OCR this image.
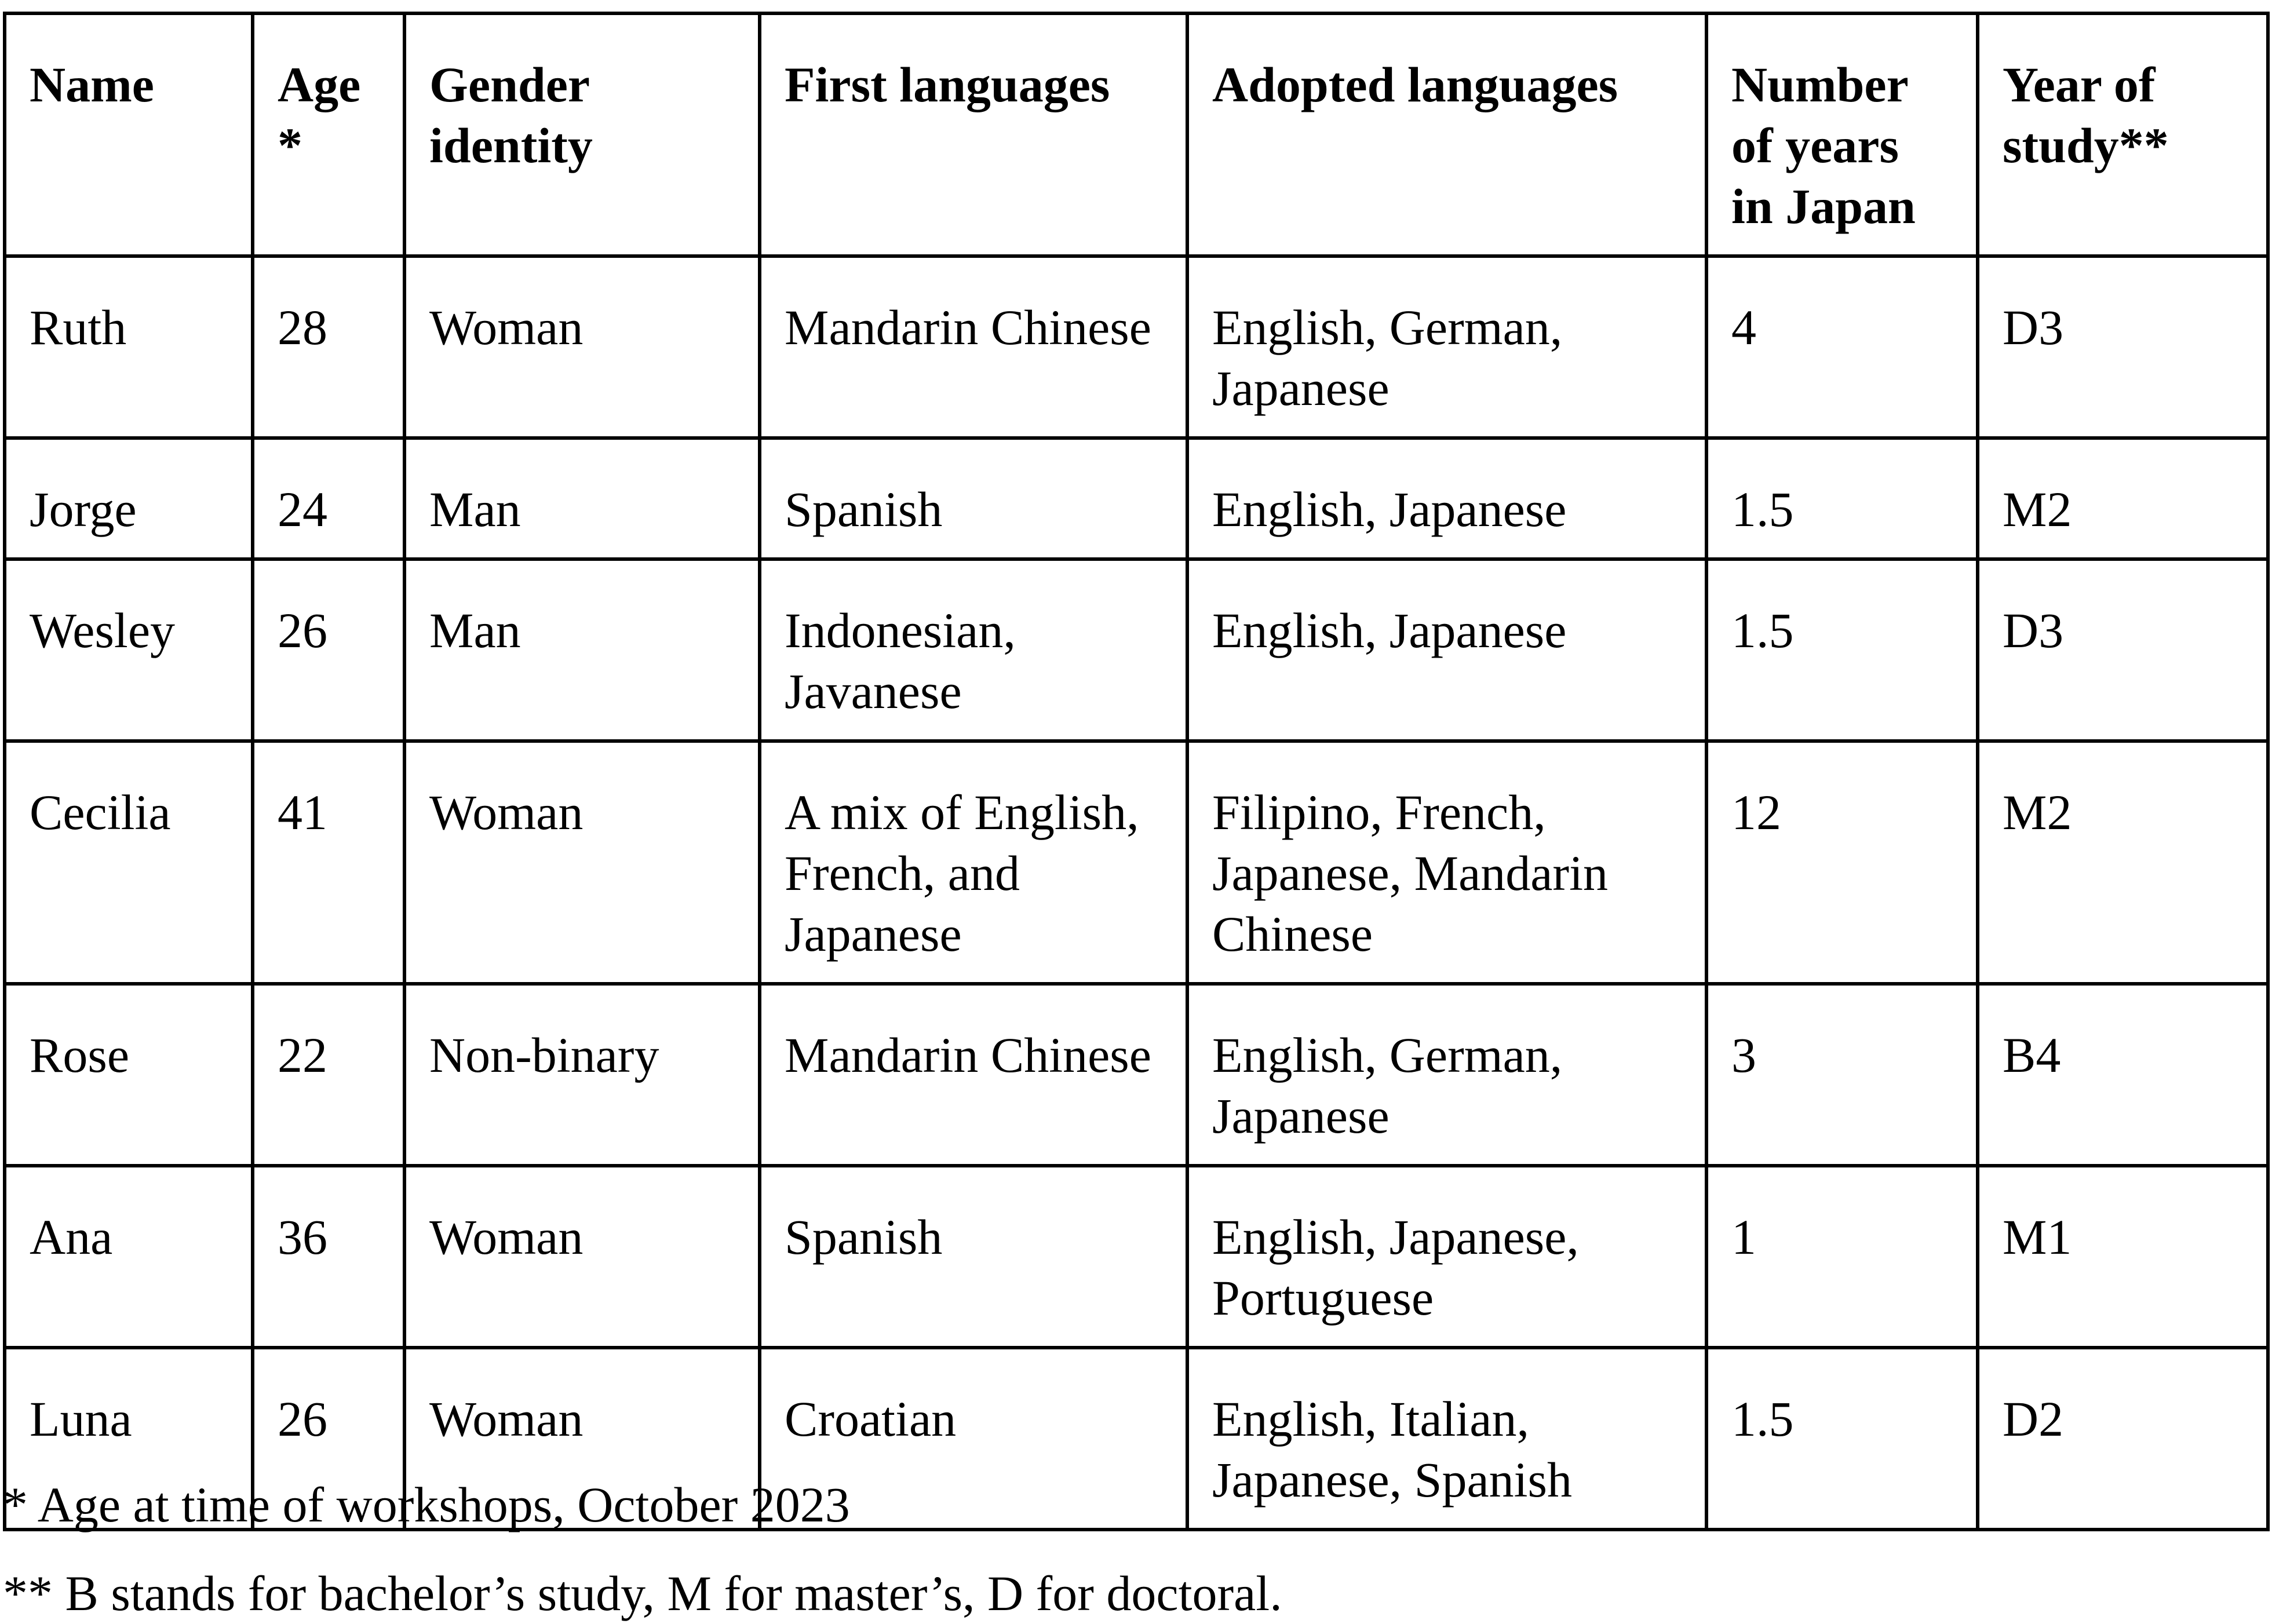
Name	Age *	Gender identity	First languages	Adopted languages	Number of years in Japan	Year of study**
Ruth	28	Woman	Mandarin Chinese	English, German, Japanese	4	D3
Jorge	24	Man	Spanish	English, Japanese	1.5	M2
Wesley	26	Man	Indonesian, Javanese	English, Japanese	1.5	D3
Cecilia	41	Woman	A mix of English, French, and Japanese	Filipino, French, Japanese, Mandarin Chinese	12	M2
Rose	22	Non-binary	Mandarin Chinese	English, German, Japanese	3	B4
Ana	36	Woman	Spanish	English, Japanese, Portuguese	1	M1
Luna	26	Woman	Croatian	English, Italian, Japanese, Spanish	1.5	D2

* Age at time of workshops, October 2023

** B stands for bachelor’s study, M for master’s, D for doctoral.
